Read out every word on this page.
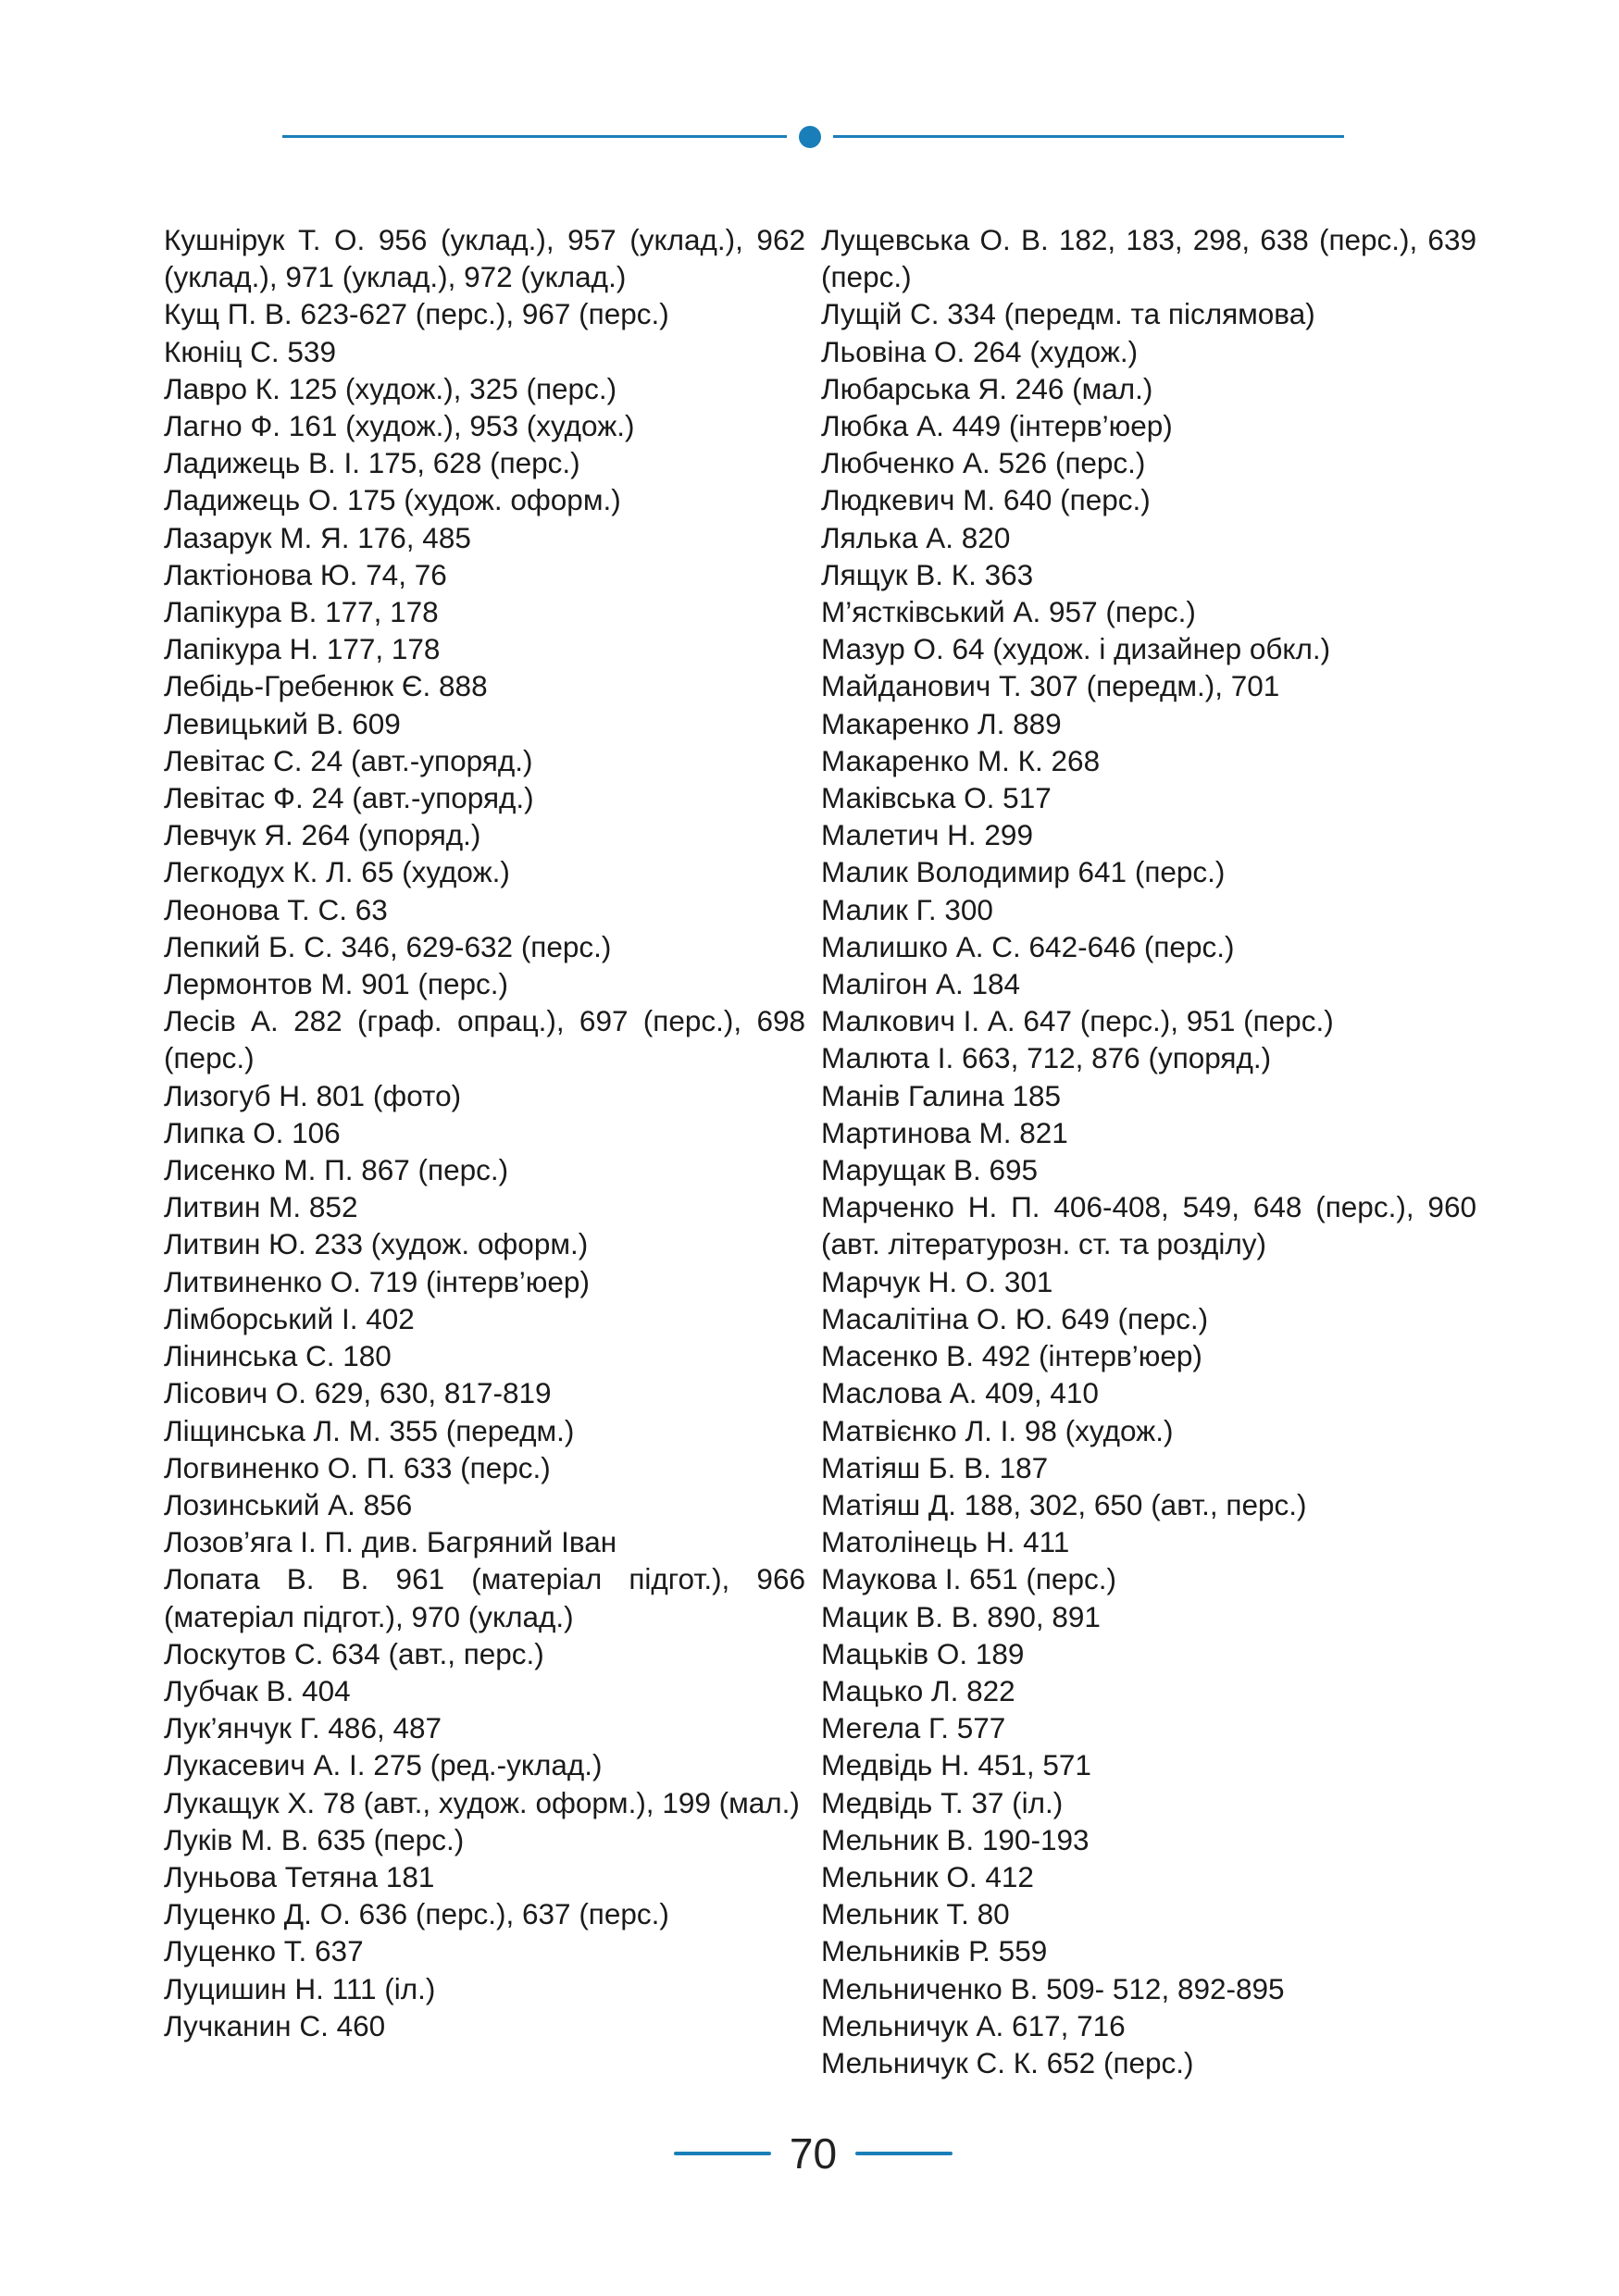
Кушнірук Т. О. 956 (уклад.), 957 (уклад.), 962 (уклад.), 971 (уклад.), 972 (уклад.)

Кущ П. В. 623-627 (перс.), 967 (перс.)

Кюніц С. 539

Лавро К. 125 (худож.), 325 (перс.)

Лагно Ф. 161 (худож.), 953 (худож.)

Ладижець В. І. 175, 628 (перс.)

Ладижець О. 175 (худож. оформ.)

Лазарук М. Я. 176, 485

Лактіонова Ю. 74, 76

Лапікура В. 177, 178

Лапікура Н. 177, 178

Лебідь-Гребенюк Є. 888

Левицький В. 609

Левітас С. 24 (авт.-упоряд.)

Левітас Ф. 24 (авт.-упоряд.)

Левчук Я. 264 (упоряд.)

Легкодух К. Л. 65 (худож.)

Леонова Т. С. 63

Лепкий Б. С. 346, 629-632 (перс.)

Лермонтов М. 901 (перс.)

Лесів А. 282 (граф. опрац.), 697 (перс.), 698 (перс.)

Лизогуб Н. 801 (фото)

Липка О. 106

Лисенко М. П. 867 (перс.)

Литвин М. 852

Литвин Ю. 233 (худож. оформ.)

Литвиненко О. 719 (інтерв’юер)

Лімборський І. 402

Лінинська С. 180

Лісович О. 629, 630, 817-819

Ліщинська Л. М. 355 (передм.)

Логвиненко О. П. 633 (перс.)

Лозинський А. 856

Лозов’яга І. П. див. Багряний Іван

Лопата В. В. 961 (матеріал підгот.), 966 (матеріал підгот.), 970 (уклад.)

Лоскутов С. 634 (авт., перс.)

Лубчак В. 404

Лук’янчук Г. 486, 487

Лукасевич А. І. 275 (ред.-уклад.)

Лукащук Х. 78 (авт., худож. оформ.), 199 (мал.)

Луків М. В. 635 (перс.)

Луньова Тетяна 181

Луценко Д. О. 636 (перс.), 637 (перс.)

Луценко Т. 637

Луцишин Н. 111 (іл.)

Лучканин С. 460

Лущевська О. В. 182, 183, 298, 638 (перс.), 639 (перс.)

Лущій С. 334 (передм. та післямова)

Льовіна О. 264 (худож.)

Любарська Я. 246 (мал.)

Любка А. 449 (інтерв’юер)

Любченко А. 526 (перс.)

Людкевич М. 640 (перс.)

Лялька А. 820

Лящук В. К. 363

М’ястківський А. 957 (перс.)

Мазур О. 64 (худож. і дизайнер обкл.)

Майданович Т. 307 (передм.), 701

Макаренко Л. 889

Макаренко М. К. 268

Маківська О. 517

Малетич Н. 299

Малик Володимир 641 (перс.)

Малик Г. 300

Малишко А. С. 642-646 (перс.)

Малігон А. 184

Малкович І. А. 647 (перс.), 951 (перс.)

Малюта І. 663, 712, 876 (упоряд.)

Манів Галина 185

Мартинова М. 821

Марущак В. 695

Марченко Н. П. 406-408, 549, 648 (перс.), 960 (авт. літературозн. ст. та розділу)

Марчук Н. О. 301

Масалітіна О. Ю. 649 (перс.)

Масенко В. 492 (інтерв’юер)

Маслова А. 409, 410

Матвієнко Л. І. 98 (худож.)

Матіяш Б. В. 187

Матіяш Д. 188, 302, 650 (авт., перс.)

Матолінець Н. 411

Маукова І. 651 (перс.)

Мацик В. В. 890, 891

Мацьків О. 189

Мацько Л. 822

Мегела Г. 577

Медвідь Н. 451, 571

Медвідь Т. 37 (іл.)

Мельник В. 190-193

Мельник О. 412

Мельник Т. 80

Мельників Р. 559

Мельниченко В. 509- 512, 892-895

Мельничук А. 617, 716

Мельничук С. К. 652 (перс.)

70
